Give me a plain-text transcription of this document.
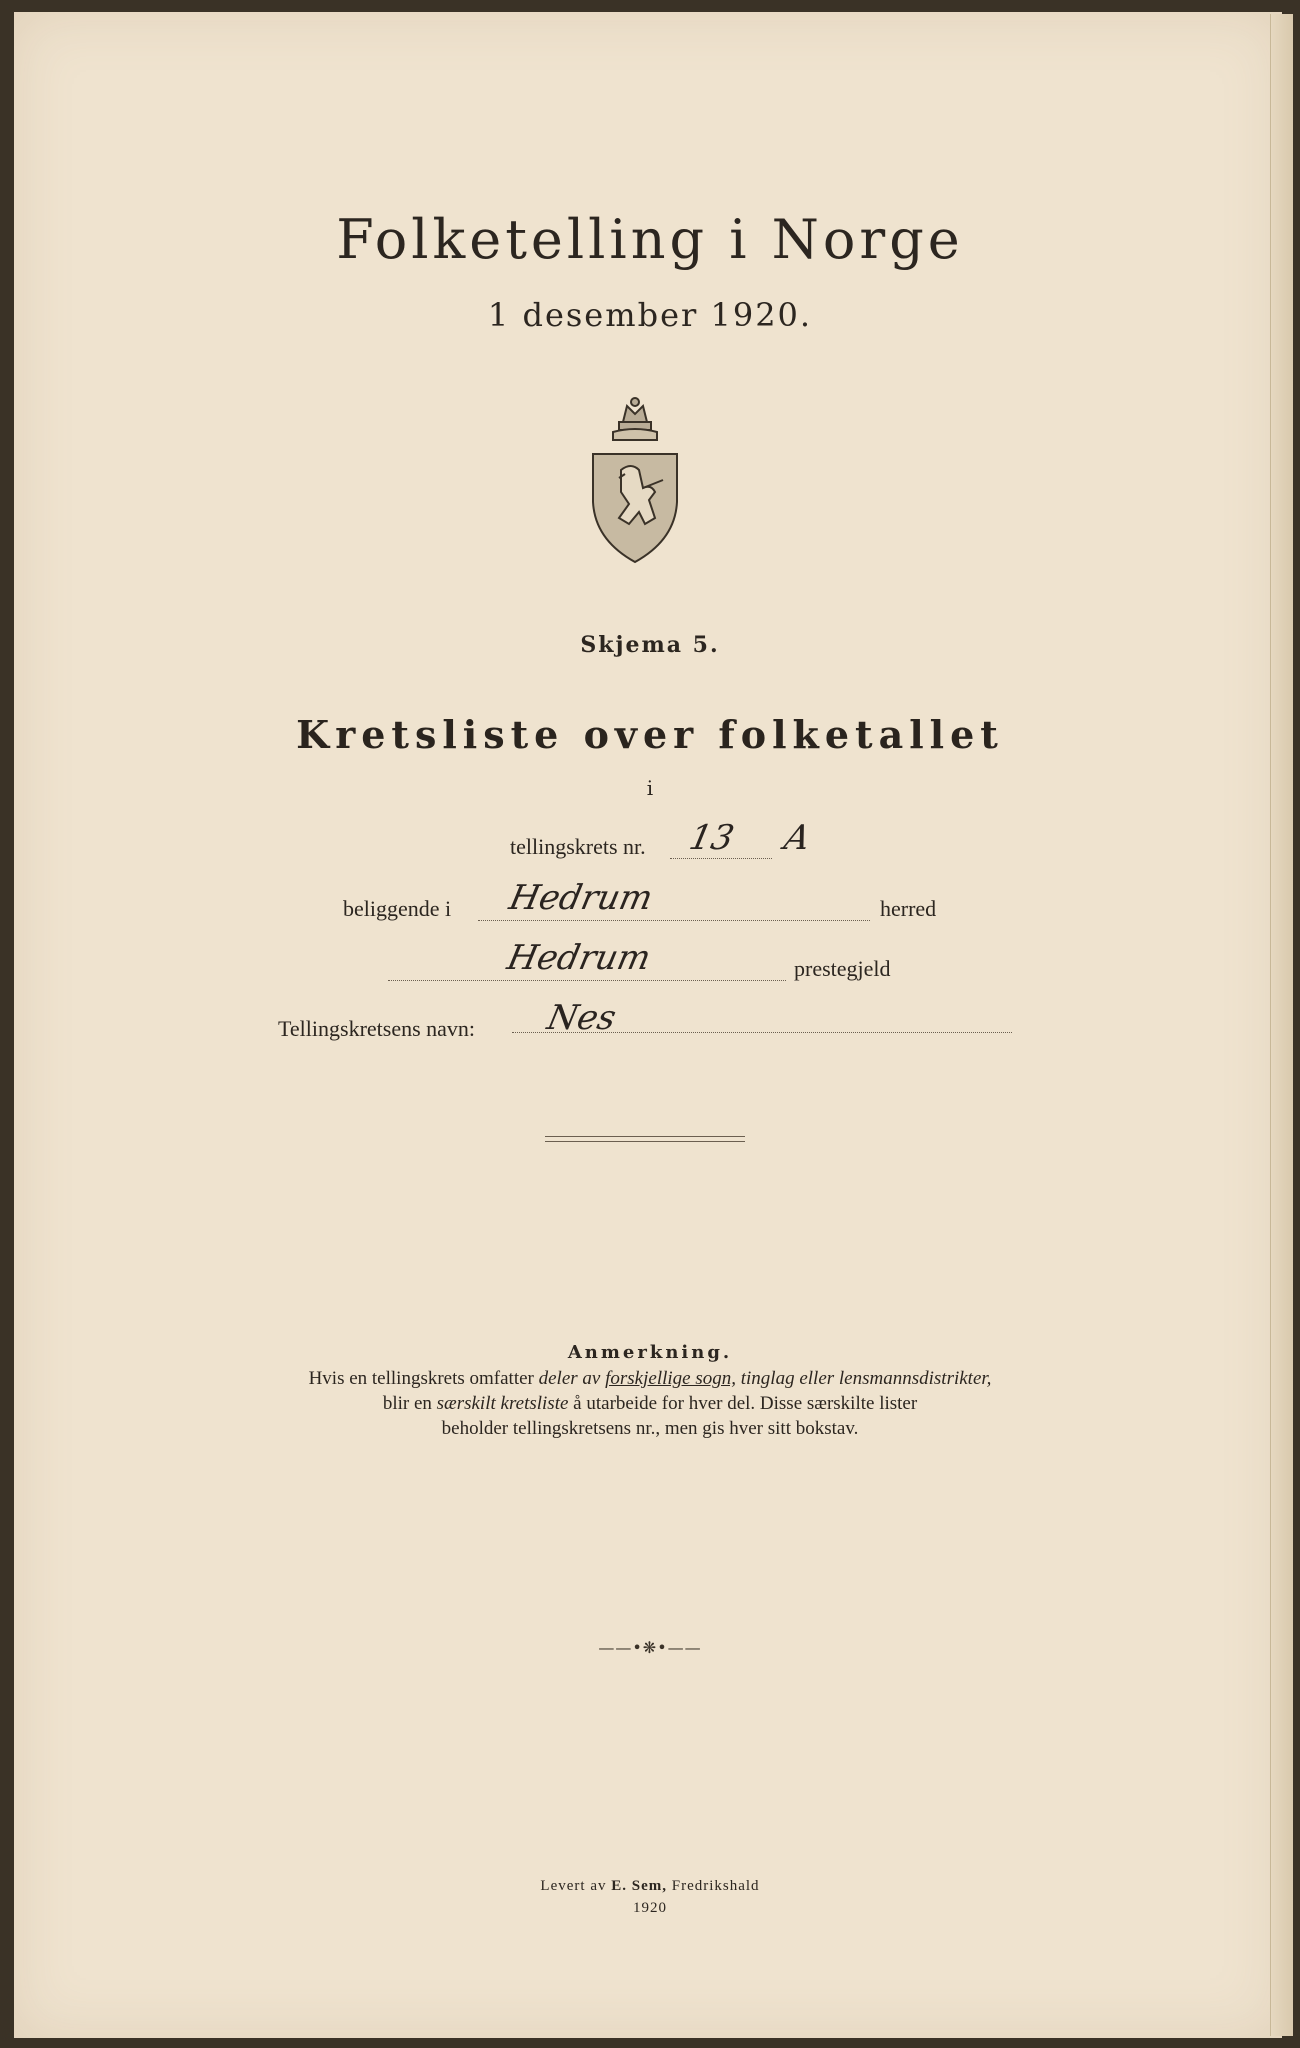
Folketelling i Norge
1 desember 1920.
Skjema 5.
Kretsliste over folketallet
i
tellingskrets nr. 13 A
beliggende i Hedrum	herred
Hedrum	prestegjeld
Tellingskretsens navn: Nes
Anmerkning.
Hvis en tellingskrets omfatter deler av forskjellige sogn, tinglag eller lensmannsdistrikter,
blir en særskilt kretsliste å utarbeide for hver del. Disse særskilte lister
beholder tellingskretsens nr., men gis hver sitt bokstav.
——•❋•——
Levert av E. Sem, Fredrikshald
1920
